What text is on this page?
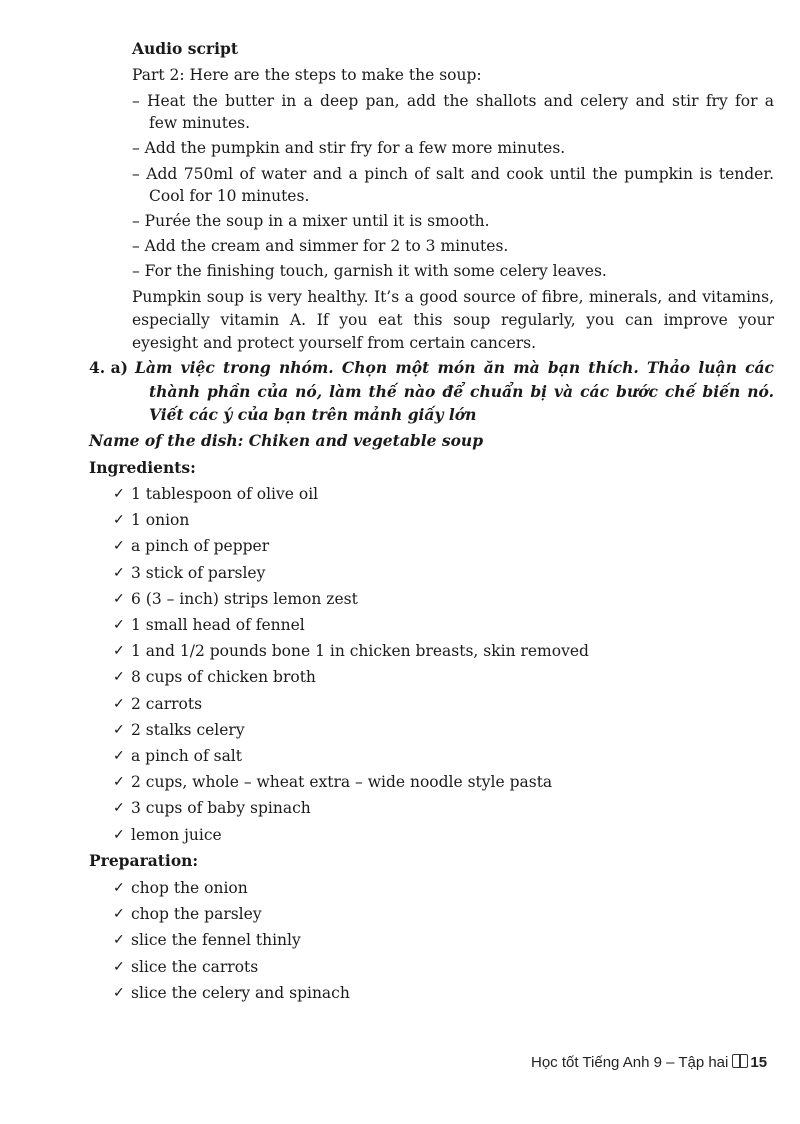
Audio script
Part 2: Here are the steps to make the soup:
– Heat the butter in a deep pan, add the shallots and celery and stir fry for a
few minutes.
– Add the pumpkin and stir fry for a few more minutes.
– Add 750ml of water and a pinch of salt and cook until the pumpkin is tender.
Cool for 10 minutes.
– Purée the soup in a mixer until it is smooth.
– Add the cream and simmer for 2 to 3 minutes.
– For the finishing touch, garnish it with some celery leaves.
Pumpkin soup is very healthy. It’s a good source of fibre, minerals, and vitamins,
especially vitamin A. If you eat this soup regularly, you can improve your
eyesight and protect yourself from certain cancers.
4. a) Làm việc trong nhóm. Chọn một món ăn mà bạn thích. Thảo luận các
thành phần của nó, làm thế nào để chuẩn bị và các bước chế biến nó.
Viết các ý của bạn trên mảnh giấy lớn
Name of the dish: Chiken and vegetable soup
Ingredients:
✓ 1 tablespoon of olive oil
✓ 1 onion
✓ a pinch of pepper
✓ 3 stick of parsley
✓ 6 (3 – inch) strips lemon zest
✓ 1 small head of fennel
✓ 1 and 1/2 pounds bone 1 in chicken breasts, skin removed
✓ 8 cups of chicken broth
✓ 2 carrots
✓ 2 stalks celery
✓ a pinch of salt
✓ 2 cups, whole – wheat extra – wide noodle style pasta
✓ 3 cups of baby spinach
✓ lemon juice
Preparation:
✓ chop the onion
✓ chop the parsley
✓ slice the fennel thinly
✓ slice the carrots
✓ slice the celery and spinach
Học tốt Tiếng Anh 9 – Tập hai 15
